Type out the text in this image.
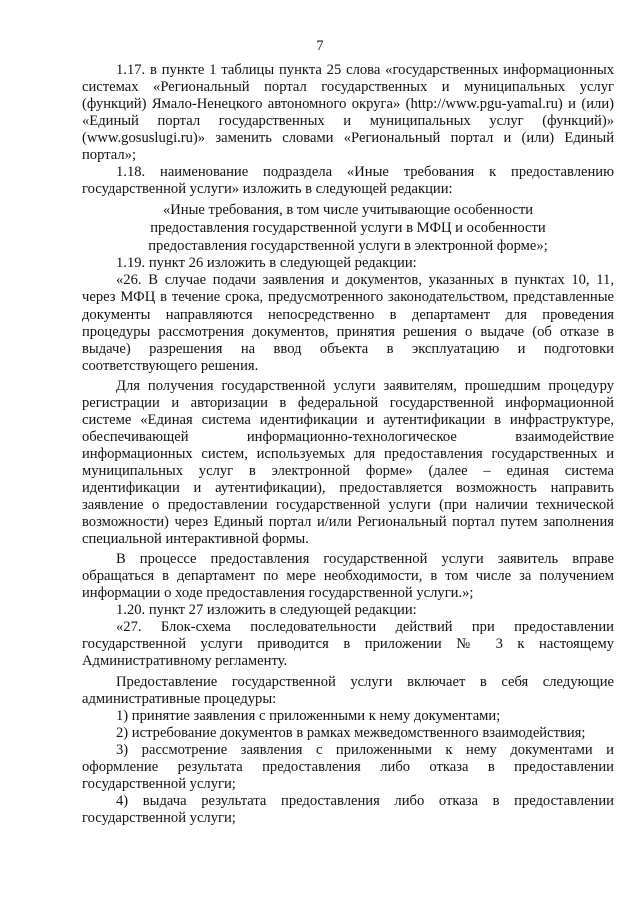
7

1.17. в пункте 1 таблицы пункта 25 слова «государственных информационных системах «Региональный портал государственных и муниципальных услуг (функций) Ямало-Ненецкого автономного округа» (http://www.pgu-yamal.ru) и (или) «Единый портал государственных и муниципальных услуг (функций)» (www.gosuslugi.ru)» заменить словами «Региональный портал и (или) Единый портал»;

1.18. наименование подраздела «Иные требования к предоставлению государственной услуги» изложить в следующей редакции:

«Иные требования, в том числе учитывающие особенности
предоставления государственной услуги в МФЦ и особенности
предоставления государственной услуги в электронной форме»;

1.19. пункт 26 изложить в следующей редакции:

«26. В случае подачи заявления и документов, указанных в пунктах 10, 11, через МФЦ в течение срока, предусмотренного законодательством, представленные документы направляются непосредственно в департамент для проведения процедуры рассмотрения документов, принятия решения о выдаче (об отказе в выдаче) разрешения на ввод объекта в эксплуатацию и подготовки соответствующего решения.

Для получения государственной услуги заявителям, прошедшим процедуру регистрации и авторизации в федеральной государственной информационной системе «Единая система идентификации и аутентификации в инфраструктуре, обеспечивающей информационно-технологическое взаимодействие информационных систем, используемых для предоставления государственных и муниципальных услуг в электронной форме» (далее – единая система идентификации и аутентификации), предоставляется возможность направить заявление о предоставлении государственной услуги (при наличии технической возможности) через Единый портал и/или Региональный портал путем заполнения специальной интерактивной формы.

В процессе предоставления государственной услуги заявитель вправе обращаться в департамент по мере необходимости, в том числе за получением информации о ходе предоставления государственной услуги.»;

1.20. пункт 27 изложить в следующей редакции:

«27. Блок-схема последовательности действий при предоставлении государственной услуги приводится в приложении № 3 к настоящему Административному регламенту.

Предоставление государственной услуги включает в себя следующие административные процедуры:

1) принятие заявления с приложенными к нему документами;

2) истребование документов в рамках межведомственного взаимодействия;

3) рассмотрение заявления с приложенными к нему документами и оформление результата предоставления либо отказа в предоставлении государственной услуги;

4) выдача результата предоставления либо отказа в предоставлении государственной услуги;
